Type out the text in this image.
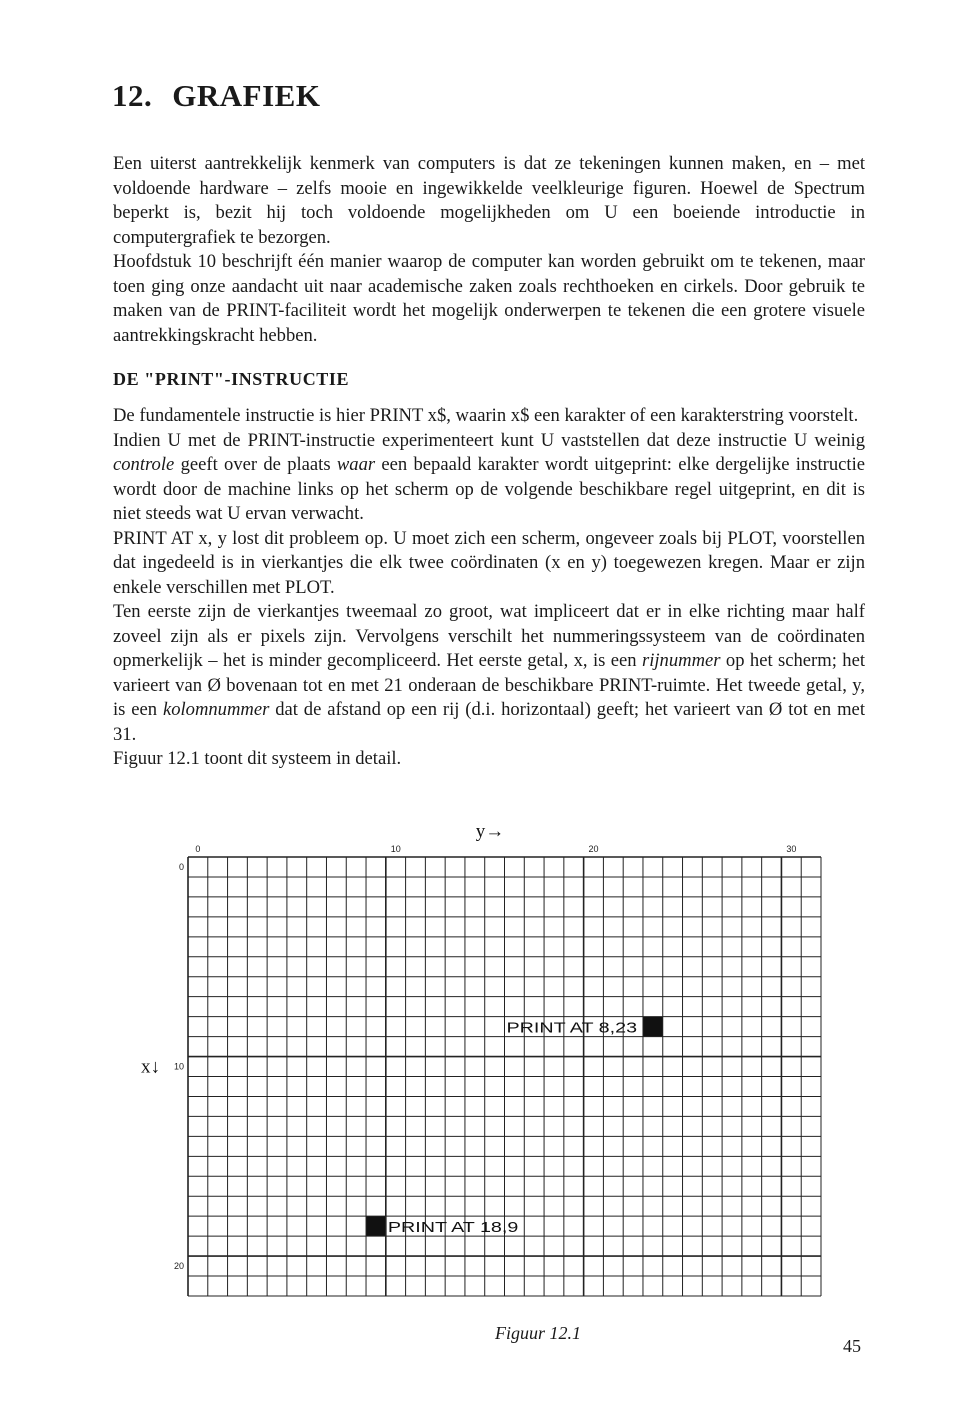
12. GRAFIEK

Een uiterst aantrekkelijk kenmerk van computers is dat ze tekeningen kunnen maken, en – met voldoende hardware – zelfs mooie en ingewikkelde veelkleurige figuren. Hoewel de Spectrum beperkt is, bezit hij toch voldoende mogelijkheden om U een boeiende introductie in computergrafiek te bezorgen.

Hoofdstuk 10 beschrijft één manier waarop de computer kan worden gebruikt om te tekenen, maar toen ging onze aandacht uit naar academische zaken zoals rechthoeken en cirkels. Door gebruik te maken van de PRINT-faciliteit wordt het mogelijk onderwerpen te tekenen die een grotere visuele aantrekkingskracht hebben.

DE "PRINT"-INSTRUCTIE

De fundamentele instructie is hier PRINT x$, waarin x$ een karakter of een karakterstring voorstelt.

Indien U met de PRINT-instructie experimenteert kunt U vaststellen dat deze instructie U weinig controle geeft over de plaats waar een bepaald karakter wordt uitgeprint: elke dergelijke instructie wordt door de machine links op het scherm op de volgende beschikbare regel uitgeprint, en dit is niet steeds wat U ervan verwacht.

PRINT AT x, y lost dit probleem op. U moet zich een scherm, ongeveer zoals bij PLOT, voorstellen dat ingedeeld is in vierkantjes die elk twee coördinaten (x en y) toegewezen kregen. Maar er zijn enkele verschillen met PLOT.

Ten eerste zijn de vierkantjes tweemaal zo groot, wat impliceert dat er in elke richting maar half zoveel zijn als er pixels zijn. Vervolgens verschilt het nummeringssysteem van de coördinaten opmerkelijk – het is minder gecompliceerd. Het eerste getal, x, is een rijnummer op het scherm; het varieert van Ø bovenaan tot en met 21 onderaan de beschikbare PRINT-ruimte. Het tweede getal, y, is een kolomnummer dat de afstand op een rij (d.i. horizontaal) geeft; het varieert van Ø tot en met 31.

Figuur 12.1 toont dit systeem in detail.

0	10	20	30
0
10
20
y→
x↓
PRINT AT 8,23
PRINT AT 18,9
Figuur 12.1
45
